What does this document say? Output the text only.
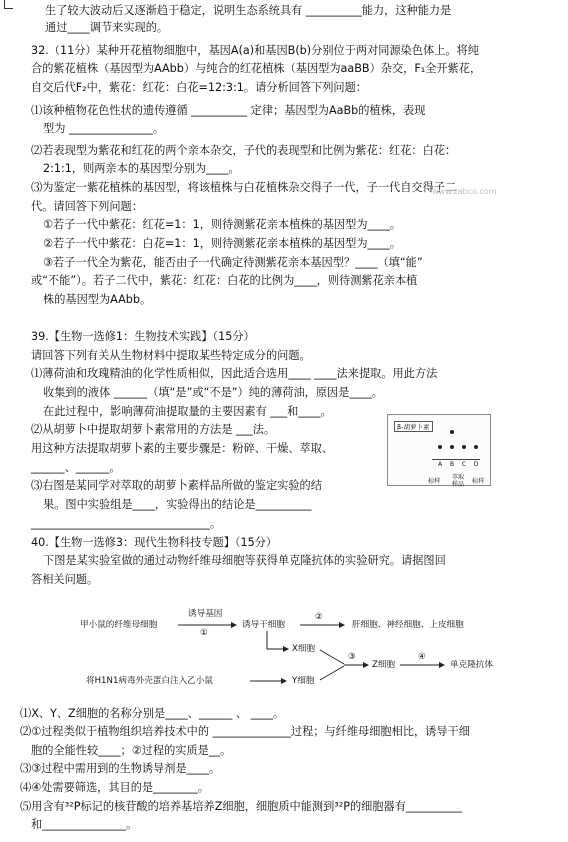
生了较大波动后又逐渐趋于稳定，说明生态系统具有 __________能力，这种能力是
通过____调节来实现的。
32.（11分）某种开花植物细胞中，基因A(a)和基因B(b)分别位于两对同源染色体上。将纯
合的紫花植株（基因型为AAbb）与纯合的红花植株（基因型为aaBB）杂交，F₁全开紫花，
自交后代F₂中，紫花：红花：白花=12:3:1。请分析回答下列问题：
⑴该种植物花色性状的遗传遵循 __________ 定律；基因型为AaBb的植株，表现
型为 _______________。
⑵若表现型为紫花和红花的两个亲本杂交，子代的表现型和比例为紫花：红花：白花：
2:1:1，则两亲本的基因型分别为____。
⑶为鉴定一紫花植株的基因型，将该植株与白花植株杂交得子一代，子一代自交得子二
代。请回答下列问题：
①若子一代中紫花：红花=1：1，则待测紫花亲本植株的基因型为____。
②若子一代中紫花：白花=1：1，则待测紫花亲本植株的基因型为____。
③若子一代全为紫花，能否由子一代确定待测紫花亲本基因型？____（填“能”
或“不能”）。若子二代中，紫花：红花：白花的比例为____，则待测紫花亲本植
株的基因型为AAbb。
39.【生物一选修1：生物技术实践】（15分）
请回答下列有关从生物材料中提取某些特定成分的问题。
⑴薄荷油和玫瑰精油的化学性质相似，因此适合选用____ ____法来提取。用此方法
收集到的液体 ______（填“是”或“不是”）纯的薄荷油，原因是____。
在此过程中，影响薄荷油提取量的主要因素有 ___和____。
⑵从胡萝卜中提取胡萝卜素常用的方法是 ___法。
用这种方法提取胡萝卜素的主要步骤是：粉碎、干燥、萃取、
______、______。
⑶右图是某同学对萃取的胡萝卜素样品所做的鉴定实验的结
果。图中实验组是____，实验得出的结论是__________
________________________________。
40.【生物一选修3：现代生物科技专题】（15分）
下图是某实验室做的通过动物纤维母细胞等获得单克隆抗体的实验研究。请据图回
答相关问题。
⑴X、Y、Z细胞的名称分别是____、______ 、 ____。
⑵①过程类似于植物组织培养技术中的 ______________过程；与纤维母细胞相比，诱导干细
胞的全能性较____；②过程的实质是__。
⑶③过程中需用到的生物诱导剂是____。
⑷④处需要筛选，其目的是________。
⑸用含有³²P标记的核苷酸的培养基培养Z细胞，细胞质中能测到³²P的细胞器有__________
和_______________。
www.zabco.com
β-胡萝卜素
A	B	C	D
标样
萃取样品 标样
甲小鼠的纤维母细胞
诱导基因
①
诱导干细胞
②
肝细胞、神经细胞、上皮细胞
X细胞
③
Z细胞
④
单克隆抗体
将H1N1病毒外壳蛋白注入乙小鼠	Y细胞
